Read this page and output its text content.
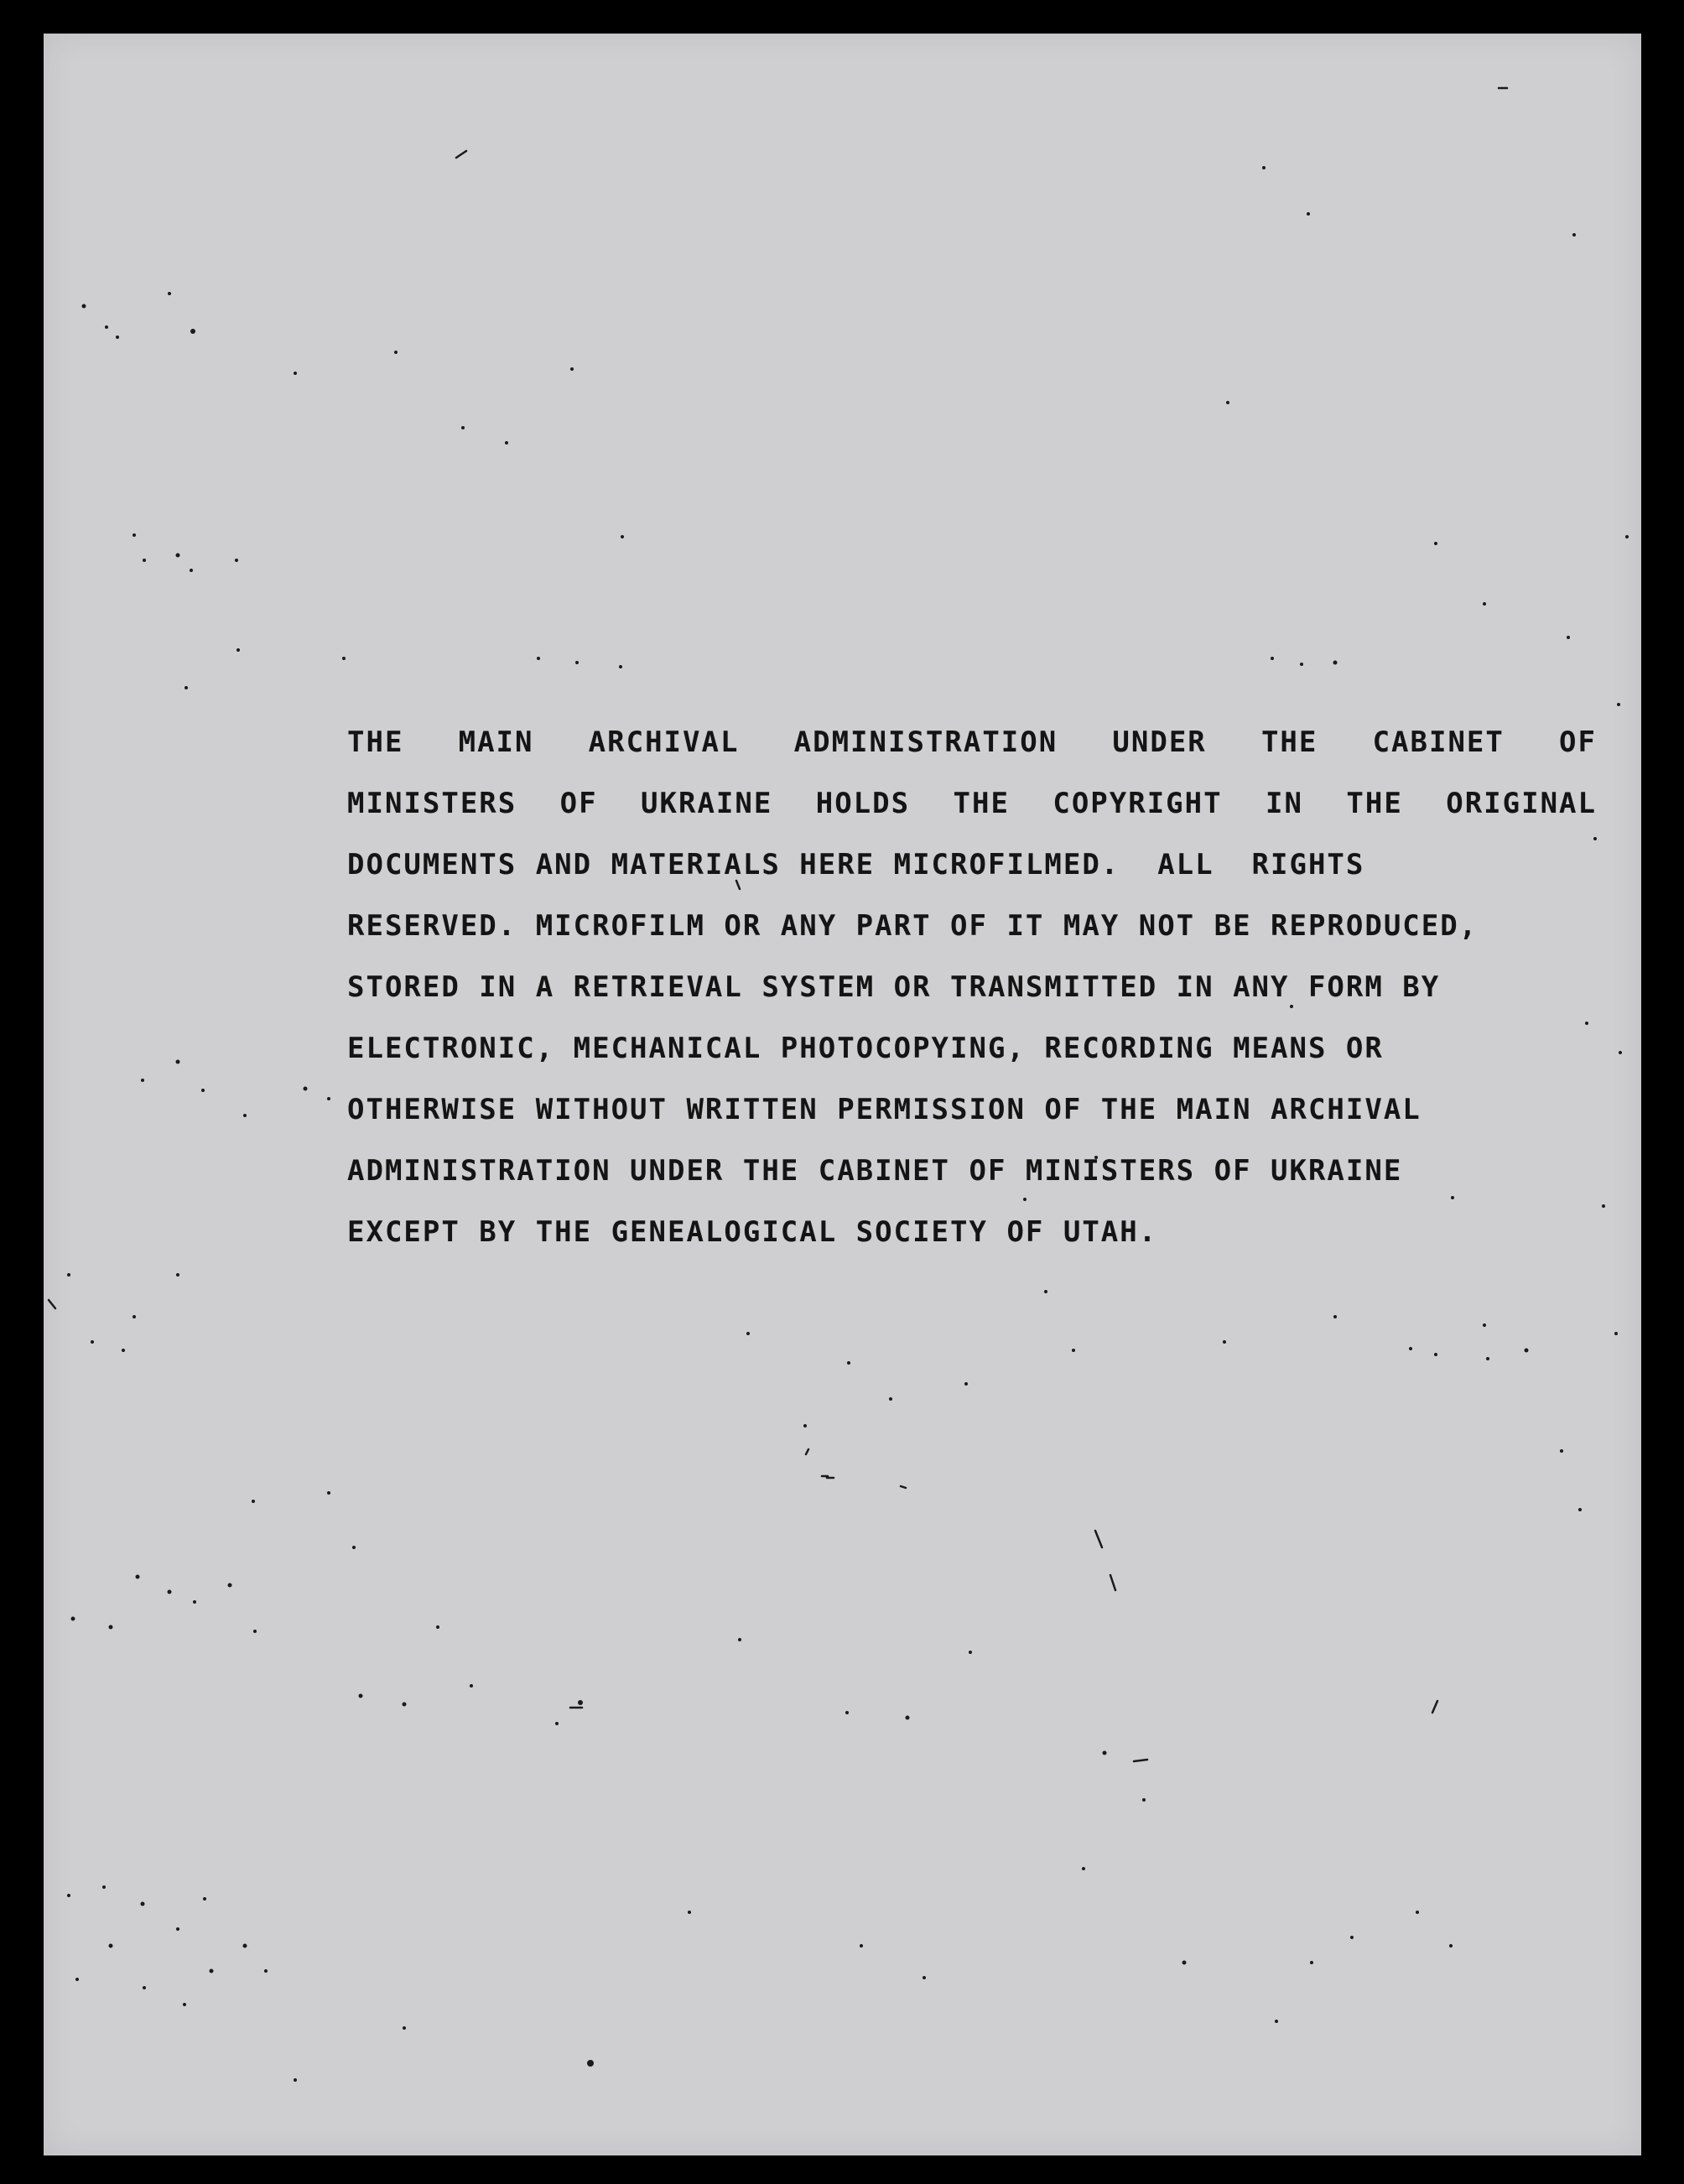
THE MAIN ARCHIVAL ADMINISTRATION UNDER THE CABINET OF
MINISTERS OF UKRAINE HOLDS THE COPYRIGHT IN THE ORIGINAL
DOCUMENTS AND MATERIALS HERE MICROFILMED.  ALL  RIGHTS
RESERVED. MICROFILM OR ANY PART OF IT MAY NOT BE REPRODUCED,
STORED IN A RETRIEVAL SYSTEM OR TRANSMITTED IN ANY FORM BY
ELECTRONIC, MECHANICAL PHOTOCOPYING, RECORDING MEANS OR
OTHERWISE WITHOUT WRITTEN PERMISSION OF THE MAIN ARCHIVAL
ADMINISTRATION UNDER THE CABINET OF MINISTERS OF UKRAINE
EXCEPT BY THE GENEALOGICAL SOCIETY OF UTAH.
